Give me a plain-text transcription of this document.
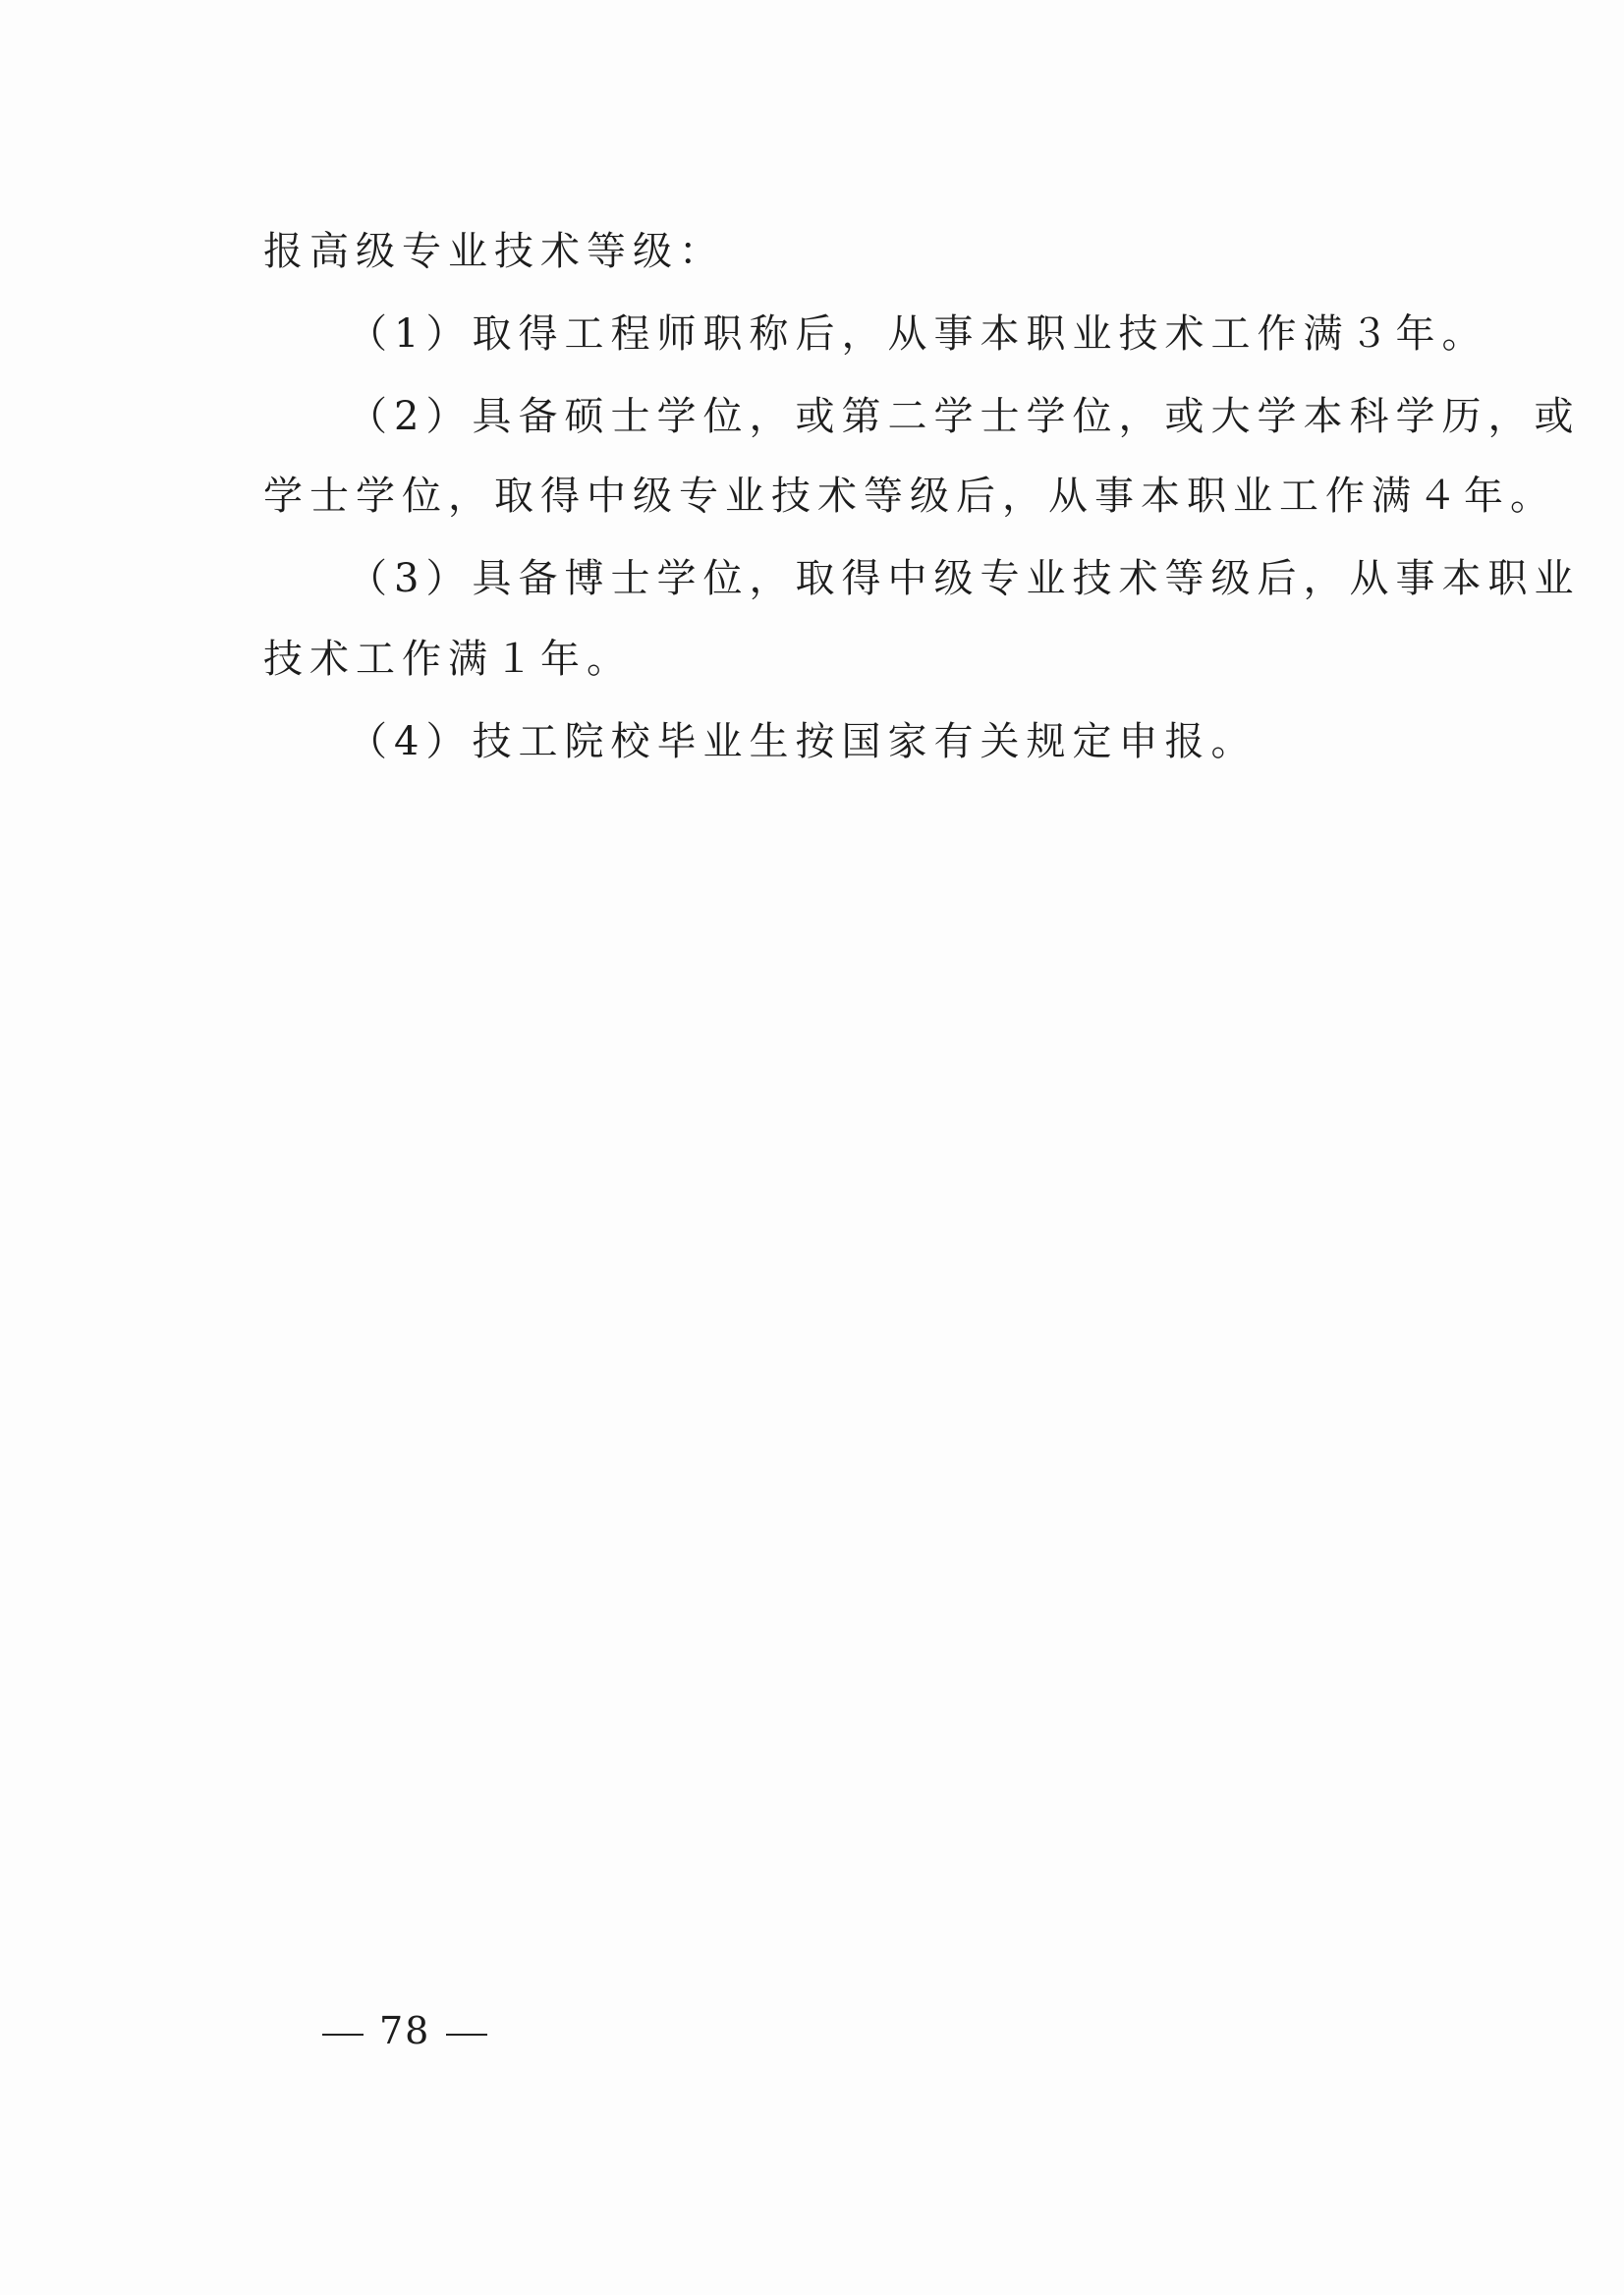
报高级专业技术等级：
（1）取得工程师职称后，从事本职业技术工作满３年。
（2）具备硕士学位，或第二学士学位，或大学本科学历，或
学士学位，取得中级专业技术等级后，从事本职业工作满４年。
（3）具备博士学位，取得中级专业技术等级后，从事本职业
技术工作满１年。
（4）技工院校毕业生按国家有关规定申报。
78
